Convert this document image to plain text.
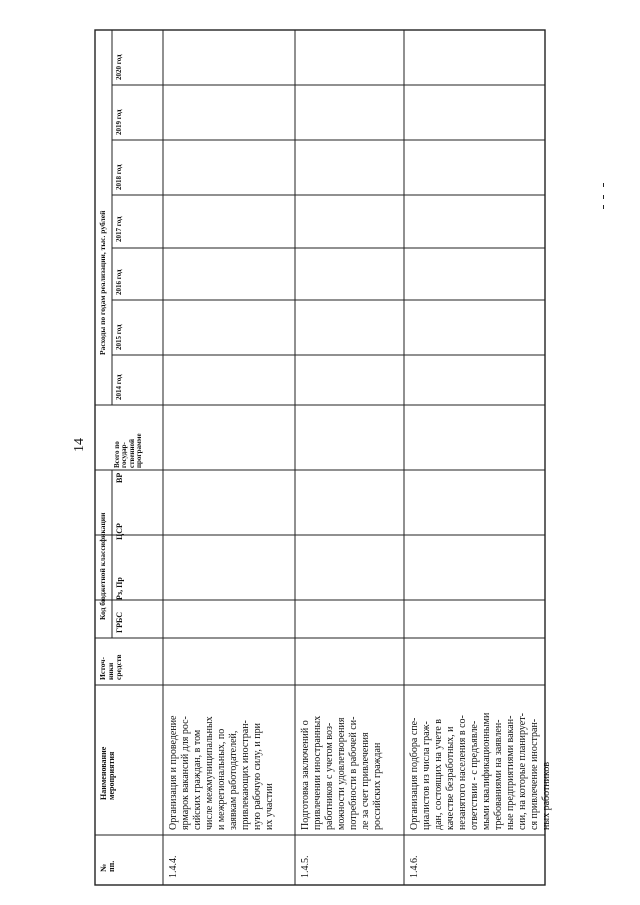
14
№
пп.
Наименование
мероприятия
Источ-
ники
средств
Код бюджетной классификации
ГРБС
Рз, Пр
ЦСР
ВР
Расходы по годам реализации, тыс. рублей
Всего по
государ-
ственной
программе
2014 год
2015 год
2016 год
2017 год
2018 год
2019 год
2020 год
1.4.4.
Организация и проведение ярмарок вакансий для рос- сийских граждан, в том числе межмуниципальных и межрегиональных, по заявкам работодателей, привлекающих иностран- ную рабочую силу, и при их участии
1.4.5.
Подготовка заключений о привлечении иностранных работников с учетом воз- можности удовлетворения потребности в рабочей си- ле за счет привлечения российских граждан
1.4.6.
Организация подбора спе- циалистов из числа граж- дан, состоящих на учете в качестве безработных, и незанятого населения в со- ответствии - с предъявле- мыми квалификационными требованиями на заявлен- ные предприятиями вакан- сии, на которые планирует- ся привлечение иностран- ных работников
